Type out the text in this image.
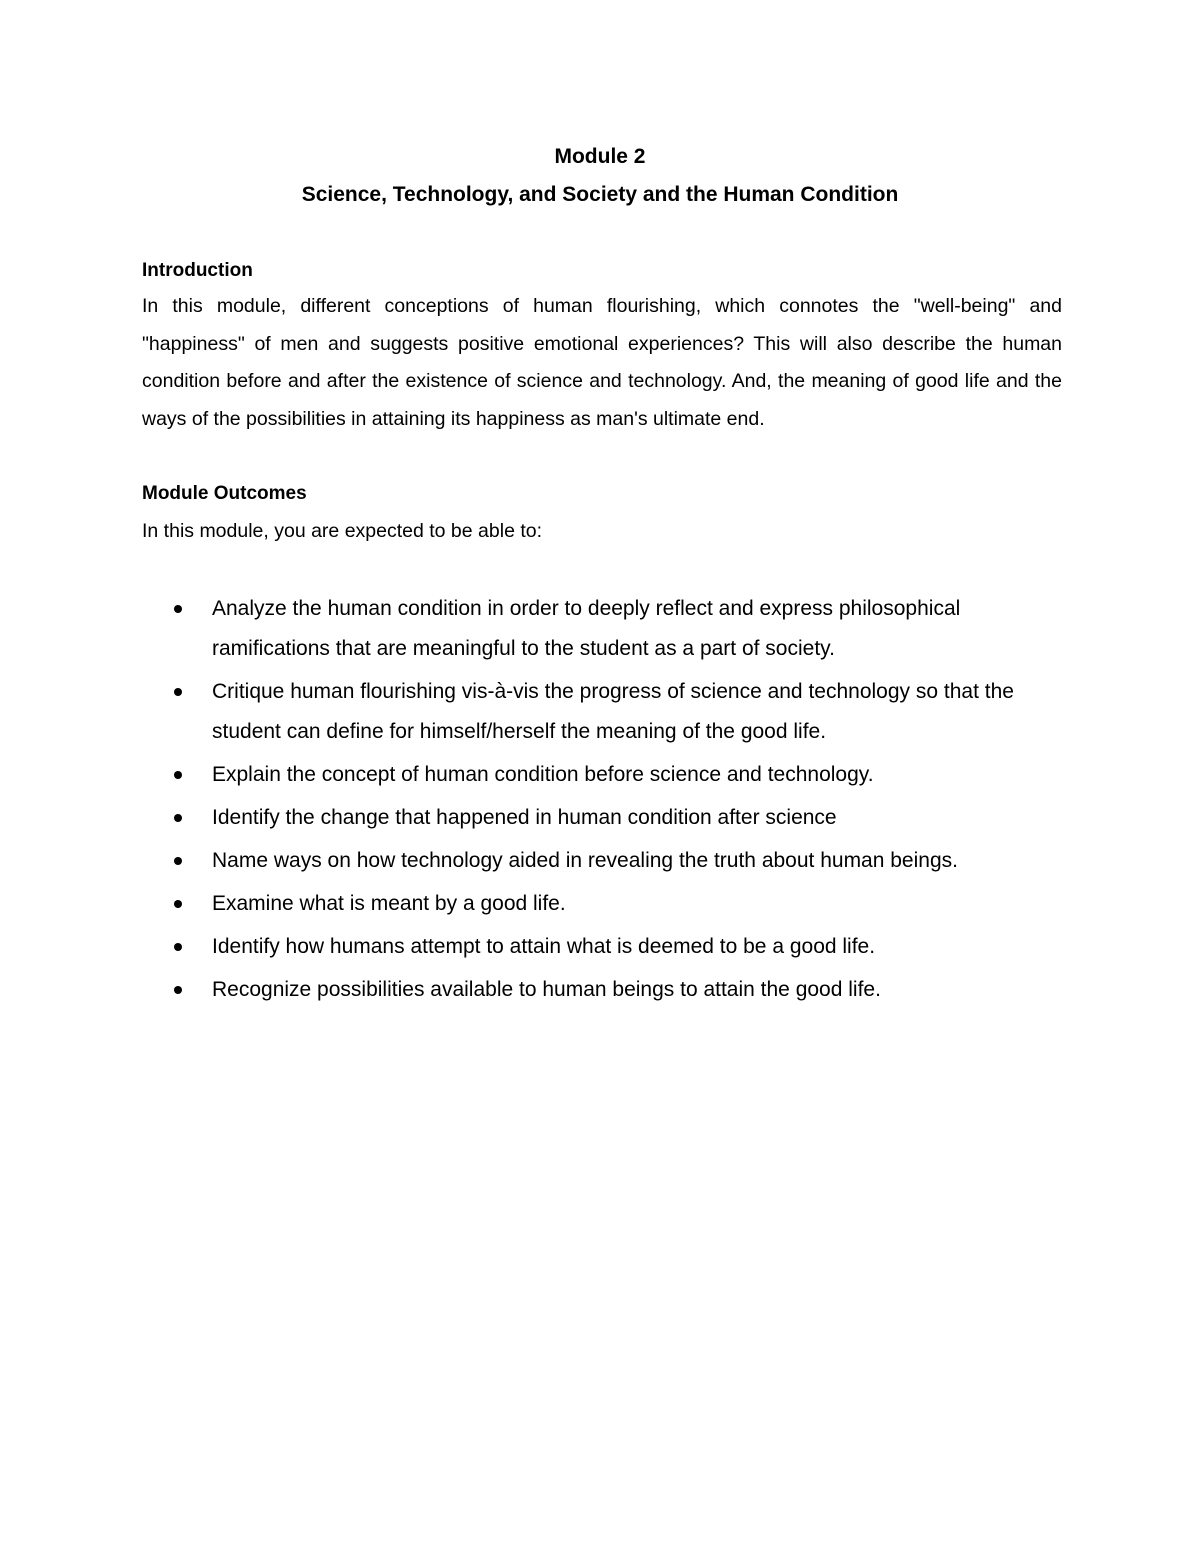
Module 2
Science, Technology, and Society and the Human Condition
Introduction
In this module, different conceptions of human flourishing, which connotes the "well-being" and "happiness" of men and suggests positive emotional experiences? This will also describe the human condition before and after the existence of science and technology. And, the meaning of good life and the ways of the possibilities in attaining its happiness as man's ultimate end.
Module Outcomes
In this module, you are expected to be able to:
Analyze the human condition in order to deeply reflect and express philosophical ramifications that are meaningful to the student as a part of society.
Critique human flourishing vis-à-vis the progress of science and technology so that the student can define for himself/herself the meaning of the good life.
Explain the concept of human condition before science and technology.
Identify the change that happened in human condition after science
Name ways on how technology aided in revealing the truth about human beings.
Examine what is meant by a good life.
Identify how humans attempt to attain what is deemed to be a good life.
Recognize possibilities available to human beings to attain the good life.
